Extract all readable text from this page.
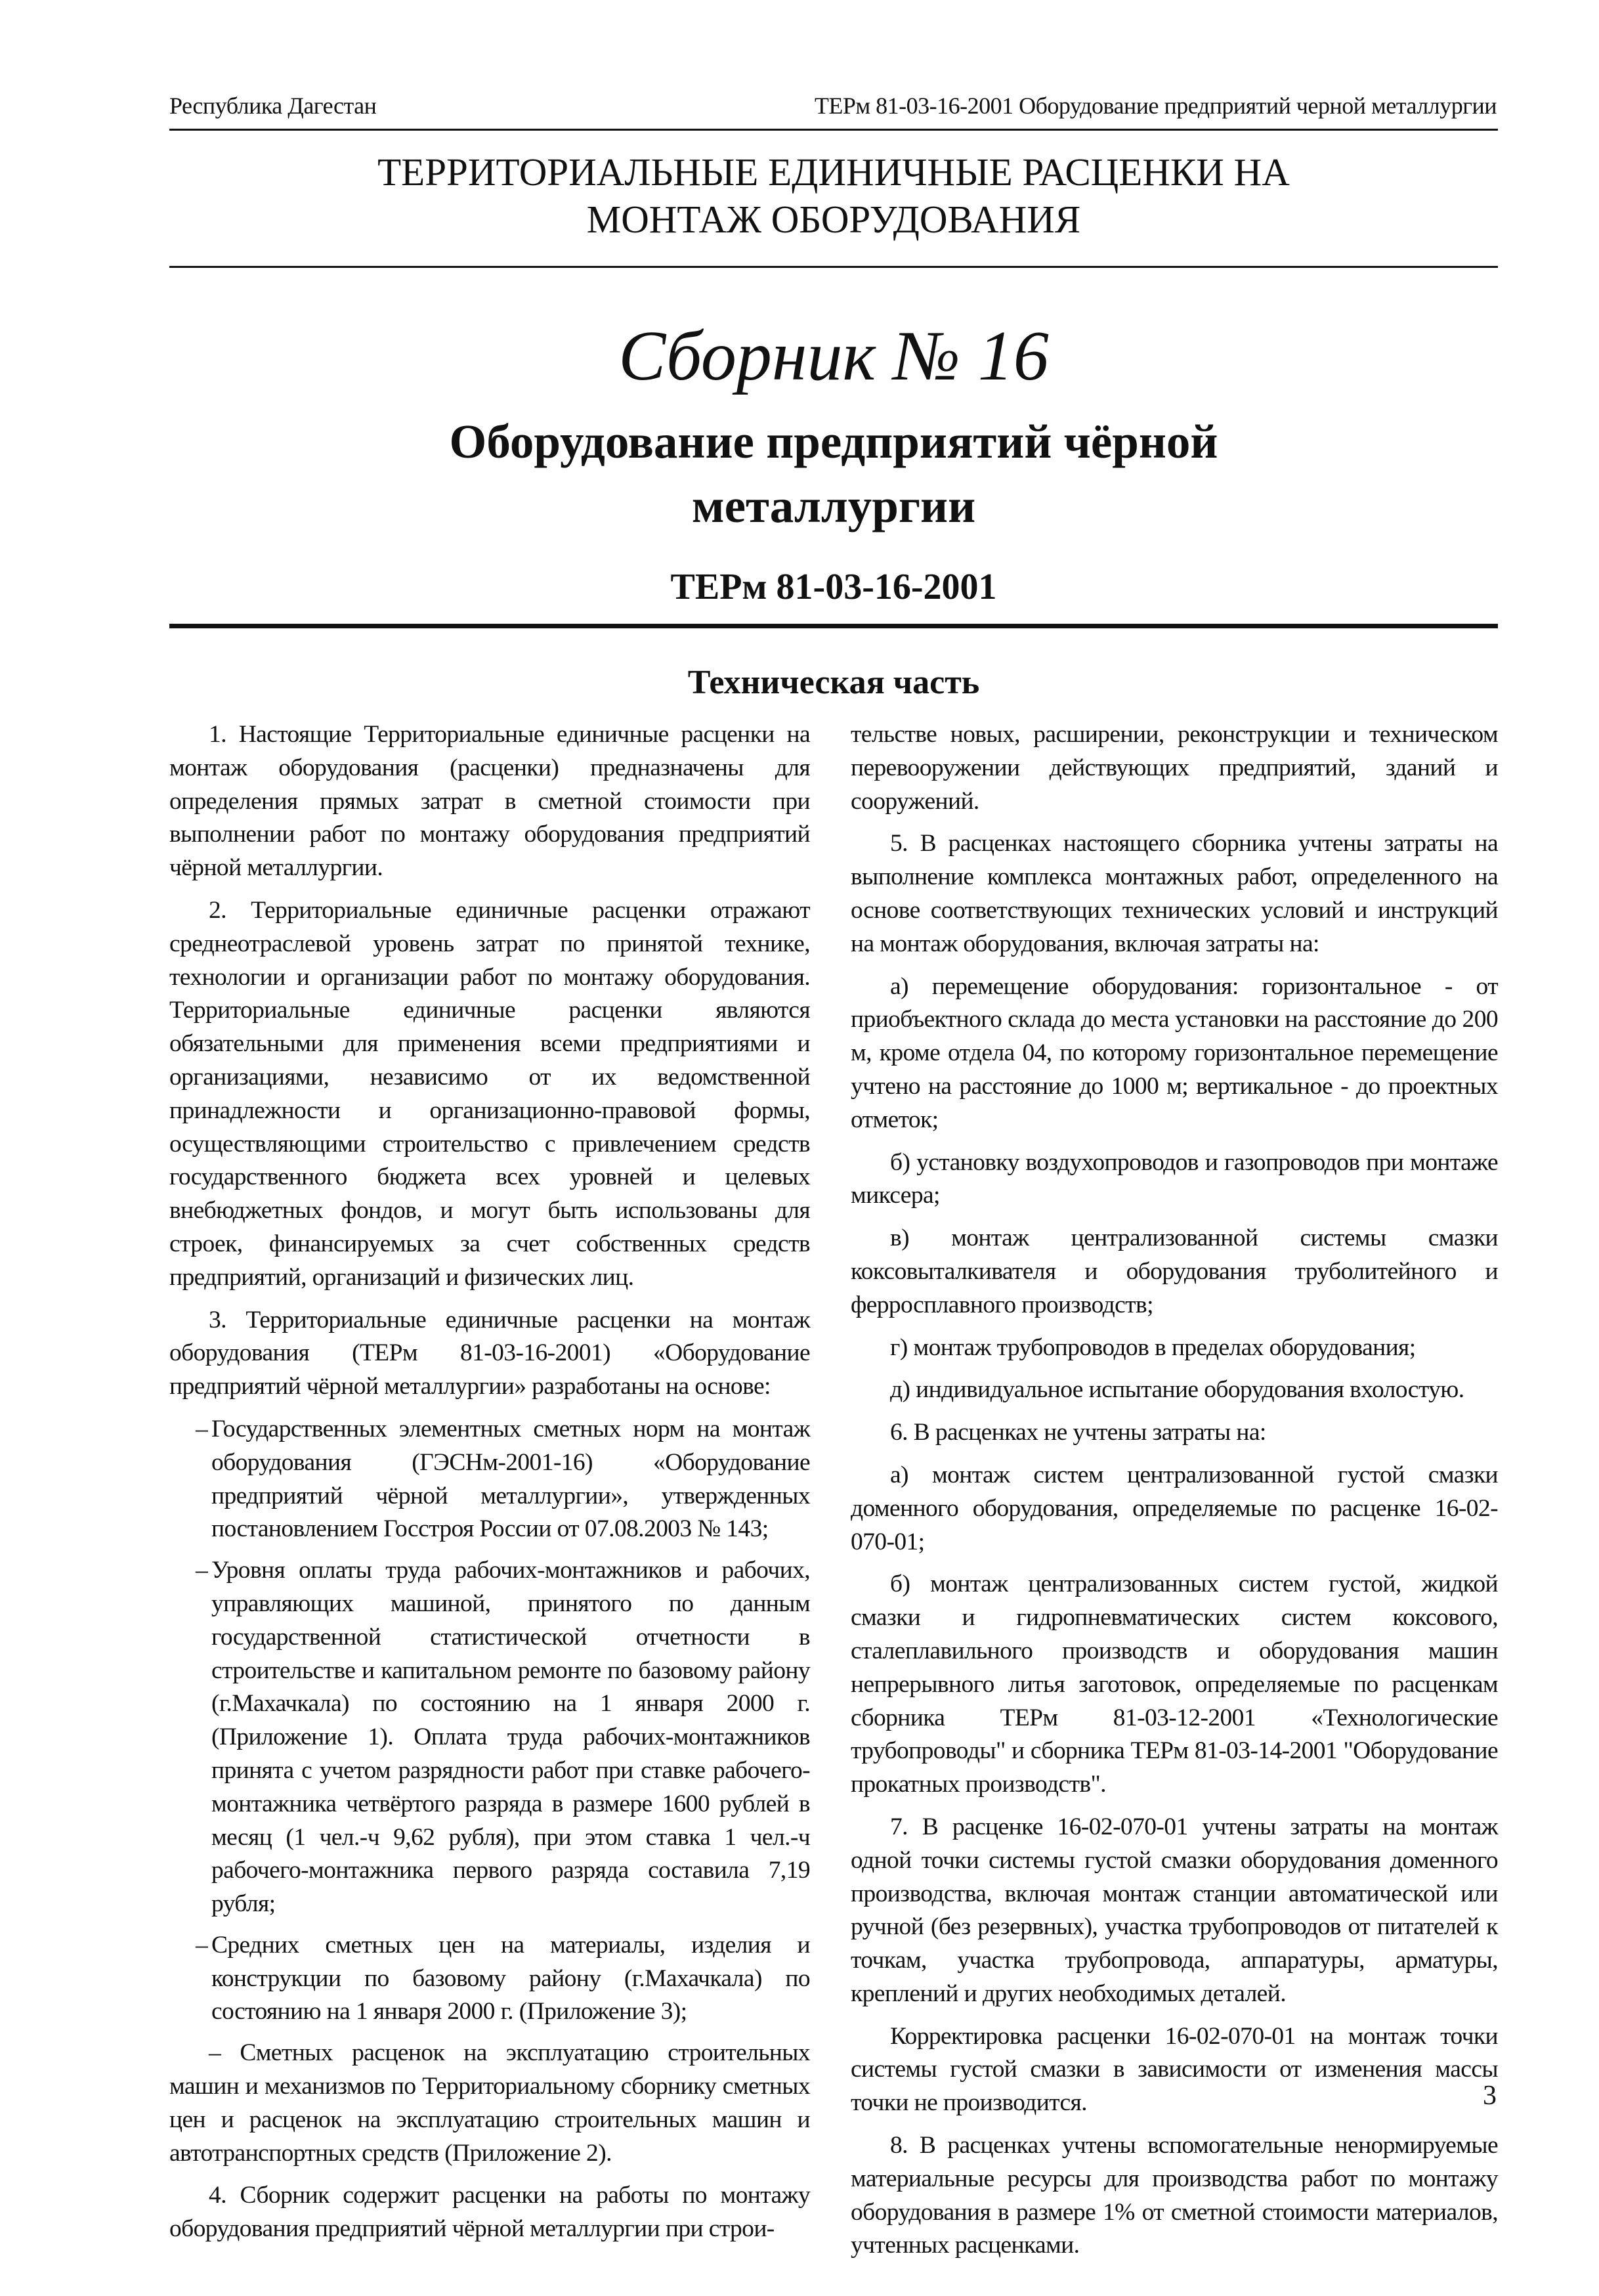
Республика Дагестан	ТЕРм 81-03-16-2001 Оборудование предприятий черной металлургии
ТЕРРИТОРИАЛЬНЫЕ ЕДИНИЧНЫЕ РАСЦЕНКИ НА
МОНТАЖ ОБОРУДОВАНИЯ
Сборник № 16
Оборудование предприятий чёрной
металлургии
ТЕРм 81-03-16-2001
Техническая часть

1. Настоящие Территориальные единичные расценки на монтаж оборудования (расценки) предназначены для определения прямых затрат в сметной стоимости при выполнении работ по монтажу оборудования предприятий чёрной металлургии.

2. Территориальные единичные расценки отражают среднеотраслевой уровень затрат по принятой технике, технологии и организации работ по монтажу оборудования. Территориальные единичные расценки являются обязательными для применения всеми предприятиями и организациями, независимо от их ведомственной принадлежности и организационно-правовой формы, осуществляющими строительство с привлечением средств государственного бюджета всех уровней и целевых внебюджетных фондов, и могут быть использованы для строек, финансируемых за счет собственных средств предприятий, организаций и физических лиц.

3. Территориальные единичные расценки на монтаж оборудования (ТЕРм 81-03-16-2001) «Оборудование предприятий чёрной металлургии» разработаны на основе:

– Государственных элементных сметных норм на монтаж оборудования (ГЭСНм-2001-16) «Оборудование предприятий чёрной металлургии», утвержденных постановлением Госстроя России от 07.08.2003 № 143;

– Уровня оплаты труда рабочих-монтажников и рабочих, управляющих машиной, принятого по данным государственной статистической отчетности в строительстве и капитальном ремонте по базовому району (г.Махачкала) по состоянию на 1 января 2000 г. (Приложение 1). Оплата труда рабочих-монтажников принята с учетом разрядности работ при ставке рабочего-монтажника четвёртого разряда в размере 1600 рублей в месяц (1 чел.-ч 9,62 рубля), при этом ставка 1 чел.-ч рабочего-монтажника первого разряда составила 7,19 рубля;

– Средних сметных цен на материалы, изделия и конструкции по базовому району (г.Махачкала) по состоянию на 1 января 2000 г. (Приложение 3);

– Сметных расценок на эксплуатацию строительных машин и механизмов по Территориальному сборнику сметных цен и расценок на эксплуатацию строительных машин и автотранспортных средств (Приложение 2).

4. Сборник содержит расценки на работы по монтажу оборудования предприятий чёрной металлургии при строи-

тельстве новых, расширении, реконструкции и техническом перевооружении действующих предприятий, зданий и сооружений.

5. В расценках настоящего сборника учтены затраты на выполнение комплекса монтажных работ, определенного на основе соответствующих технических условий и инструкций на монтаж оборудования, включая затраты на:

а) перемещение оборудования: горизонтальное - от приобъектного склада до места установки на расстояние до 200 м, кроме отдела 04, по которому горизонтальное перемещение учтено на расстояние до 1000 м; вертикальное - до проектных отметок;

б) установку воздухопроводов и газопроводов при монтаже миксера;

в) монтаж централизованной системы смазки коксовыталкивателя и оборудования труболитейного и ферросплавного производств;

г) монтаж трубопроводов в пределах оборудования;

д) индивидуальное испытание оборудования вхолостую.

6. В расценках не учтены затраты на:

а) монтаж систем централизованной густой смазки доменного оборудования, определяемые по расценке 16-02-070-01;

б) монтаж централизованных систем густой, жидкой смазки и гидропневматических систем коксового, сталеплавильного производств и оборудования машин непрерывного литья заготовок, определяемые по расценкам сборника ТЕРм 81-03-12-2001 «Технологические трубопроводы" и сборника ТЕРм 81-03-14-2001 "Оборудование прокатных производств".

7. В расценке 16-02-070-01 учтены затраты на монтаж одной точки системы густой смазки оборудования доменного производства, включая монтаж станции автоматической или ручной (без резервных), участка трубопроводов от питателей к точкам, участка трубопровода, аппаратуры, арматуры, креплений и других необходимых деталей.

Корректировка расценки 16-02-070-01 на монтаж точки системы густой смазки в зависимости от изменения массы точки не производится.

8. В расценках учтены вспомогательные ненормируемые материальные ресурсы для производства работ по монтажу оборудования в размере 1% от сметной стоимости материалов, учтенных расценками.

3
